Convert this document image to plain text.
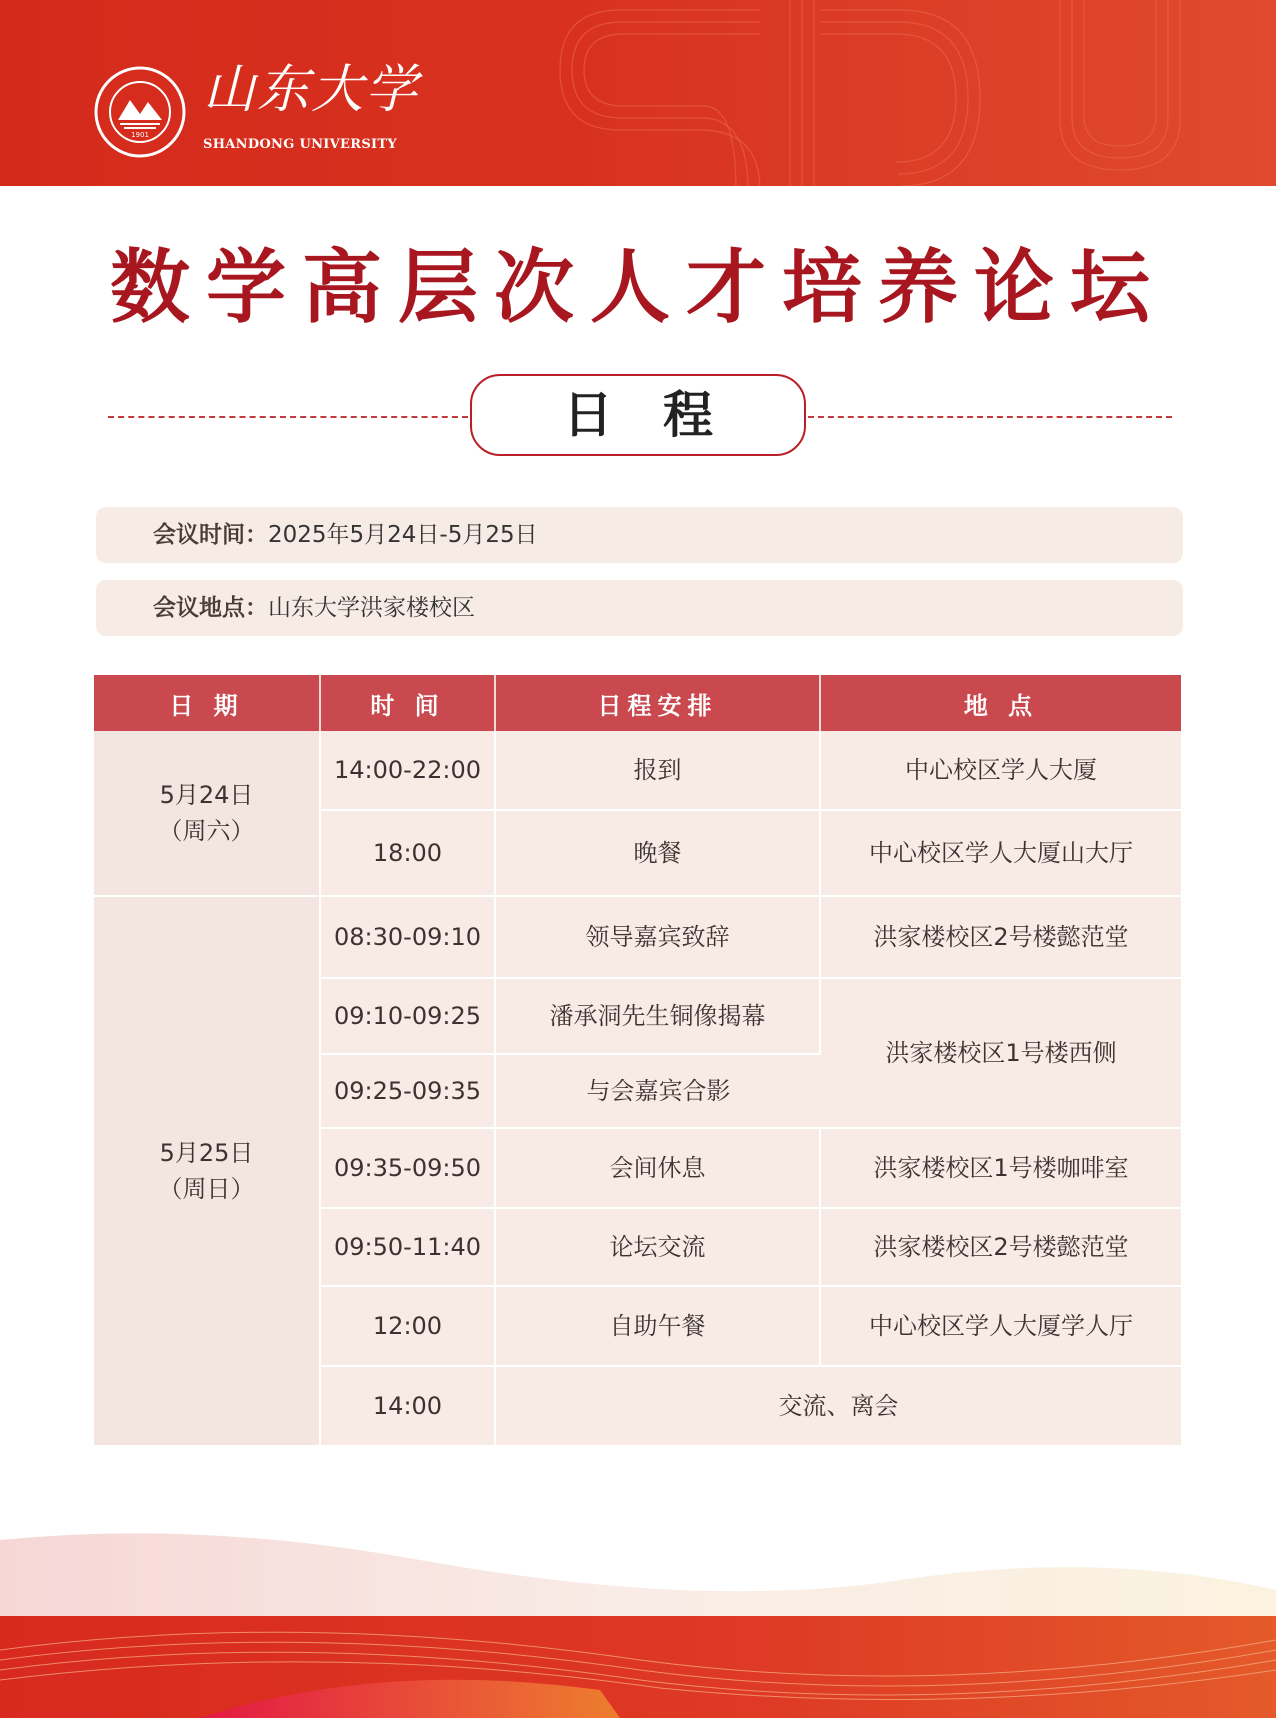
1901
山东大学
SHANDONG UNIVERSITY
数学高层次人才培养论坛
日程
会议时间：2025年5月24日-5月25日
会议地点：山东大学洪家楼校区
日 期	时 间	日程安排	地 点

5月24日
（周六）	14:00-22:00	报到	中心校区学人大厦
	18:00	晚餐	中心校区学人大厦山大厅

5月25日
（周日）	08:30-09:10	领导嘉宾致辞	洪家楼校区2号楼懿范堂
	09:10-09:25	潘承洞先生铜像揭幕	洪家楼校区1号楼西侧
	09:25-09:35	与会嘉宾合影	
	09:35-09:50	会间休息	洪家楼校区1号楼咖啡室
	09:50-11:40	论坛交流	洪家楼校区2号楼懿范堂
	12:00	自助午餐	中心校区学人大厦学人厅
	14:00	交流、离会	
